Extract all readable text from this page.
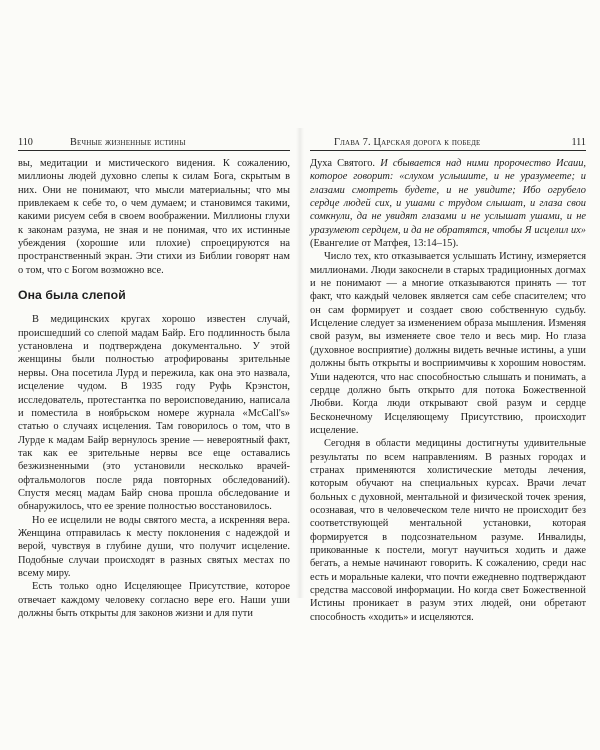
110	Вечные жизненные истины

вы, медитации и мистического видения. К сожалению, миллионы людей духовно слепы к силам Бога, скрытым в них. Они не понимают, что мысли материальны; что мы привлекаем к себе то, о чем думаем; и становимся такими, какими рисуем себя в своем воображении. Миллионы глухи к законам разума, не зная и не понимая, что их истинные убеждения (хорошие или плохие) спроецируются на пространственный экран. Эти стихи из Библии говорят нам о том, что с Богом возможно все.

Она была слепой

В медицинских кругах хорошо известен случай, происшедший со слепой мадам Байр. Его подлинность была установлена и подтверждена документально. У этой женщины были полностью атрофированы зрительные нервы. Она посетила Лурд и пережила, как она это назвала, исцеление чудом. В 1935 году Руфь Крэнстон, исследователь, протестантка по вероисповеданию, написала и поместила в ноябрьском номере журнала «McCall's» статью о случаях исцеления. Там говорилось о том, что в Лурде к мадам Байр вернулось зрение — невероятный факт, так как ее зрительные нервы все еще оставались безжизненными (это установили несколько врачей-офтальмологов после ряда повторных обследований). Спустя месяц мадам Байр снова прошла обследование и обнаружилось, что ее зрение полностью восстановилось.

Но ее исцелили не воды святого места, а искренняя вера. Женщина отправилась к месту поклонения с надеждой и верой, чувствуя в глубине души, что получит исцеление. Подобные случаи происходят в разных святых местах по всему миру.

Есть только одно Исцеляющее Присутствие, которое отвечает каждому человеку согласно вере его. Наши уши должны быть открыты для законов жизни и для пути

Глава 7. Царская дорога к победе	111

Духа Святого. И сбывается над ними пророчество Исаии, которое говорит: «слухом услышите, и не уразумеете; и глазами смотреть будете, и не увидите; Ибо огрубело сердце людей сих, и ушами с трудом слышат, и глаза свои сомкнули, да не увидят глазами и не услышат ушами, и не уразумеют сердцем, и да не обратятся, чтобы Я исцелил их» (Евангелие от Матфея, 13:14–15).

Число тех, кто отказывается услышать Истину, измеряется миллионами. Люди закоснели в старых традиционных догмах и не понимают — а многие отказываются принять — тот факт, что каждый человек является сам себе спасителем; что он сам формирует и создает свою собственную судьбу. Исцеление следует за изменением образа мышления. Изменяя свой разум, вы изменяете свое тело и весь мир. Но глаза (духовное восприятие) должны видеть вечные истины, а уши должны быть открыты и восприимчивы к хорошим новостям. Уши надеются, что нас способностью слышать и понимать, а сердце должно быть открыто для потока Божественной Любви. Когда люди открывают свой разум и сердце Бесконечному Исцеляющему Присутствию, происходит исцеление.

Сегодня в области медицины достигнуты удивительные результаты по всем направлениям. В разных городах и странах применяются холистические методы лечения, которым обучают на специальных курсах. Врачи лечат больных с духовной, ментальной и физической точек зрения, осознавая, что в человеческом теле ничто не происходит без соответствующей ментальной установки, которая формируется в подсознательном разуме. Инвалиды, прикованные к постели, могут научиться ходить и даже бегать, а немые начинают говорить. К сожалению, среди нас есть и моральные калеки, что почти ежедневно подтверждают средства массовой информации. Но когда свет Божественной Истины проникает в разум этих людей, они обретают способность «ходить» и исцеляются.
